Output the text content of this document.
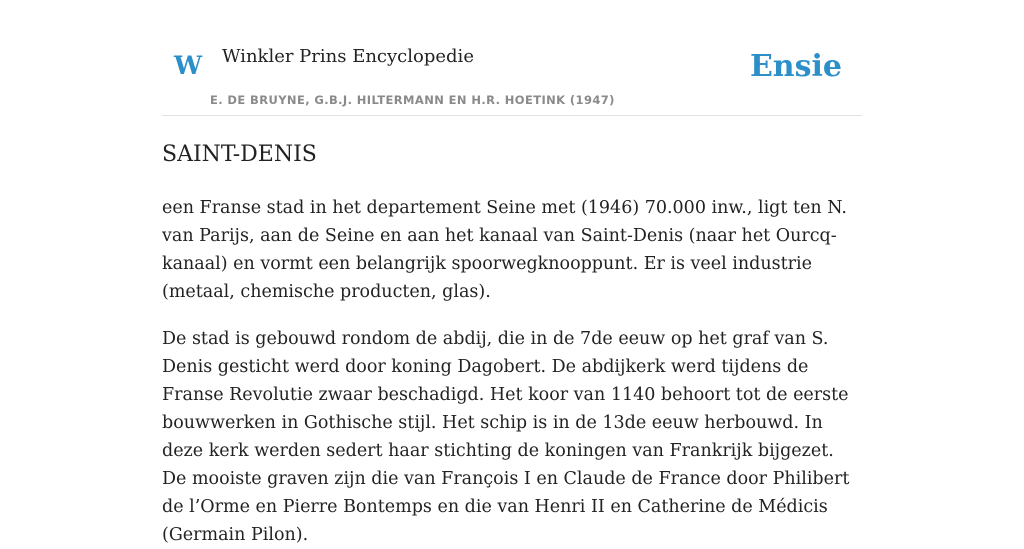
W Winkler Prins Encyclopedie
E. DE BRUYNE, G.B.J. HILTERMANN EN H.R. HOETINK (1947)
Ensie
SAINT-DENIS

een Franse stad in het departement Seine met (1946) 70.000 inw., ligt ten N. van Parijs, aan de Seine en aan het kanaal van Saint-Denis (naar het Ourcq-kanaal) en vormt een belangrijk spoorwegknooppunt. Er is veel industrie (metaal, chemische producten, glas).

De stad is gebouwd rondom de abdij, die in de 7de eeuw op het graf van S. Denis gesticht werd door koning Dagobert. De abdijkerk werd tijdens de Franse Revolutie zwaar beschadigd. Het koor van 1140 behoort tot de eerste bouwwerken in Gothische stijl. Het schip is in de 13de eeuw herbouwd. In deze kerk werden sedert haar stichting de koningen van Frankrijk bijgezet. De mooiste graven zijn die van François I en Claude de France door Philibert de l’Orme en Pierre Bontemps en die van Henri II en Catherine de Médicis (Germain Pilon).
